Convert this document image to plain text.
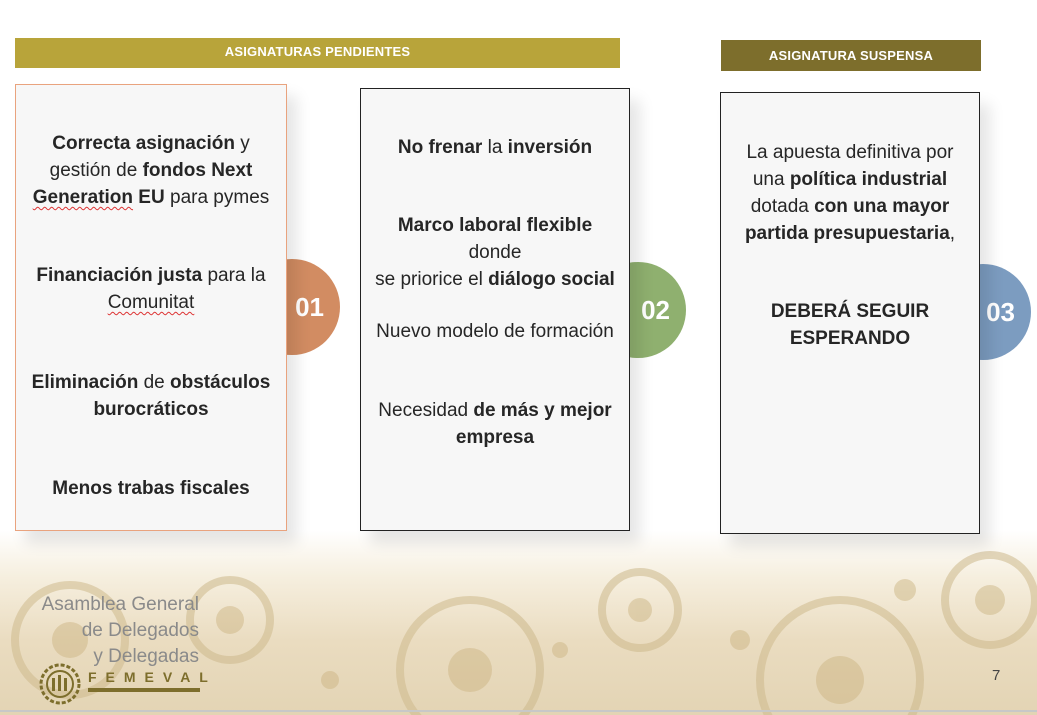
ASIGNATURAS PENDIENTES	ASIGNATURA SUSPENSA

Correcta asignación y
gestión de fondos Next
Generation EU para pymes

Financiación justa para la
Comunitat

Eliminación de obstáculos
burocráticos

Menos trabas fiscales

No frenar la inversión

Marco laboral flexible donde
se priorice el diálogo social

Nuevo modelo de formación

Necesidad de más y mejor
empresa

La apuesta definitiva por
una política industrial
dotada con una mayor
partida presupuestaria,

DEBERÁ SEGUIR
ESPERANDO

01	02	03
Asamblea General
de Delegados
y Delegadas
FEMEVAL	7
